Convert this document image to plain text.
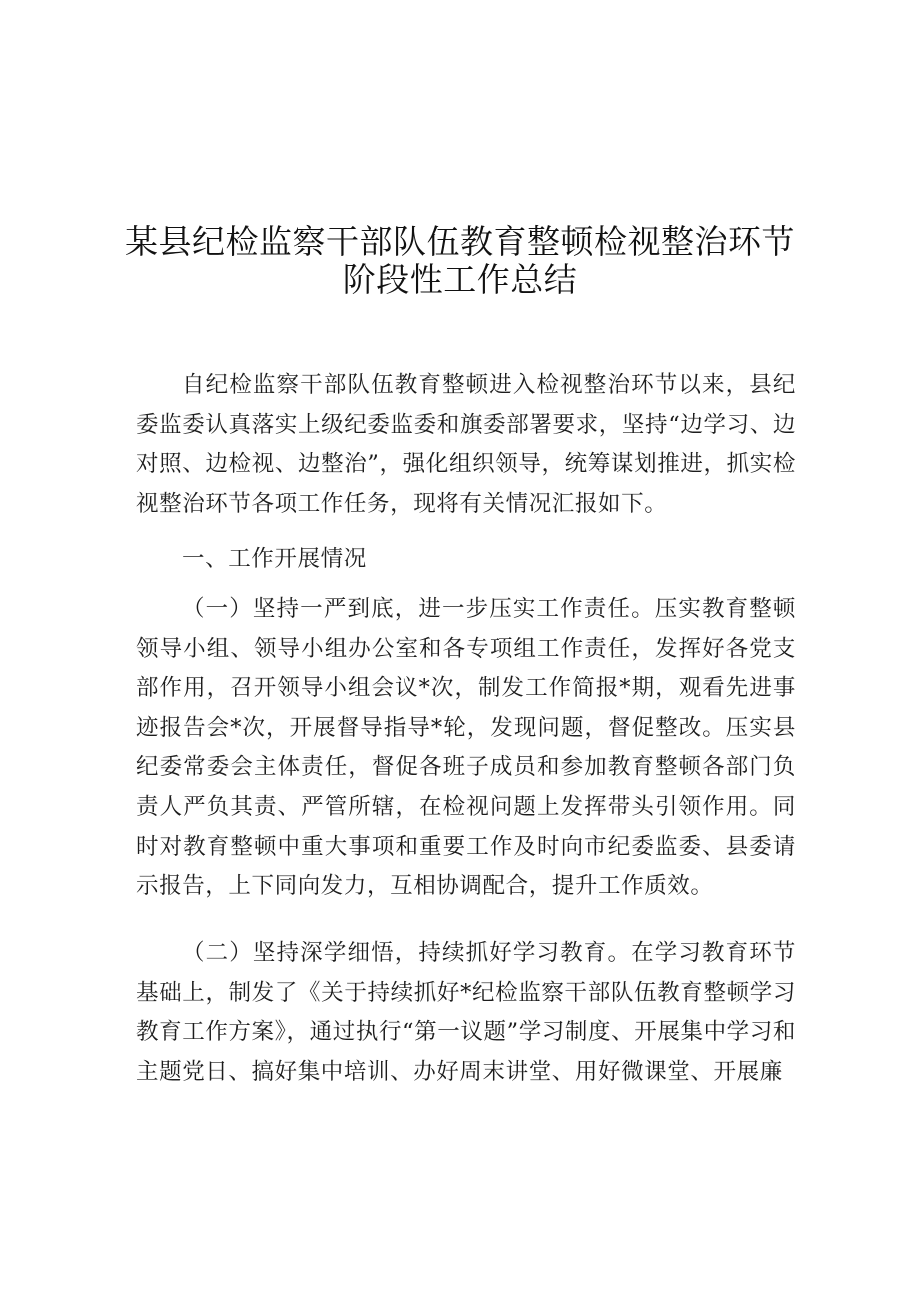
某县纪检监察干部队伍教育整顿检视整治环节
阶段性工作总结

自纪检监察干部队伍教育整顿进入检视整治环节以来，县纪委监委认真落实上级纪委监委和旗委部署要求，坚持“边学习、边对照、边检视、边整治”，强化组织领导，统筹谋划推进，抓实检视整治环节各项工作任务，现将有关情况汇报如下。

一、工作开展情况

（一）坚持一严到底，进一步压实工作责任。压实教育整顿领导小组、领导小组办公室和各专项组工作责任，发挥好各党支部作用，召开领导小组会议*次，制发工作简报*期，观看先进事迹报告会*次，开展督导指导*轮，发现问题，督促整改。压实县纪委常委会主体责任，督促各班子成员和参加教育整顿各部门负责人严负其责、严管所辖，在检视问题上发挥带头引领作用。同时对教育整顿中重大事项和重要工作及时向市纪委监委、县委请示报告，上下同向发力，互相协调配合，提升工作质效。

（二）坚持深学细悟，持续抓好学习教育。在学习教育环节基础上，制发了《关于持续抓好*纪检监察干部队伍教育整顿学习教育工作方案》，通过执行“第一议题”学习制度、开展集中学习和主题党日、搞好集中培训、办好周末讲堂、用好微课堂、开展廉
